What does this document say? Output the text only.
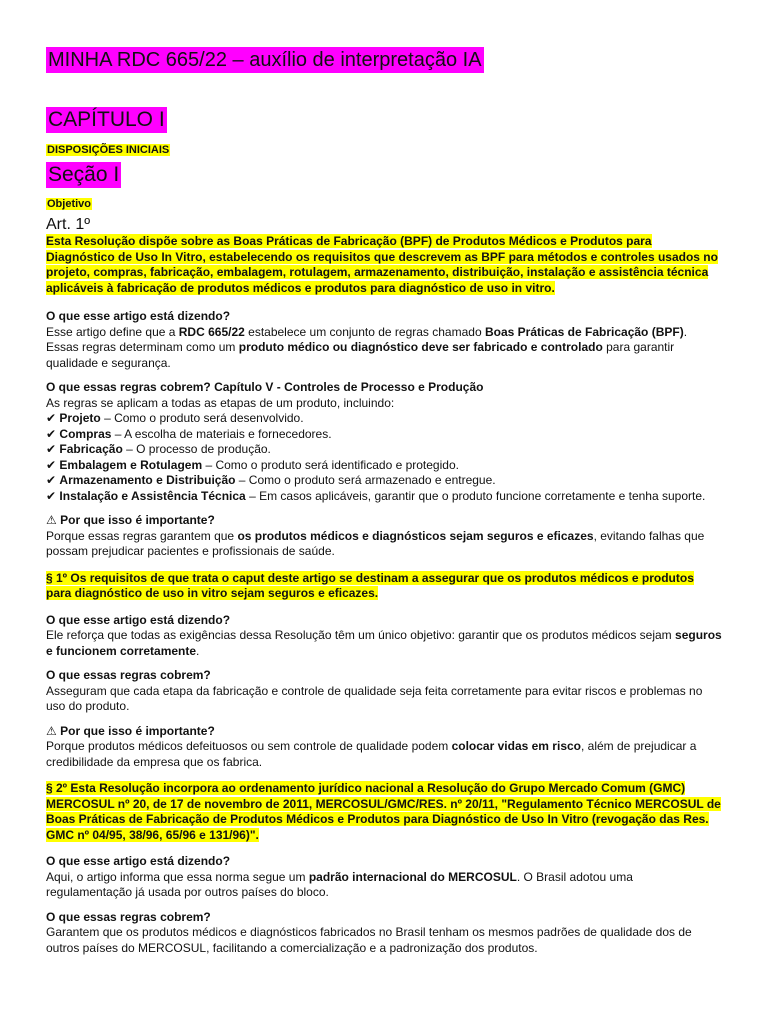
MINHA RDC 665/22 – auxílio de interpretação IA
CAPÍTULO I
DISPOSIÇÕES INICIAIS
Seção I
Objetivo
Art. 1º

Esta Resolução dispõe sobre as Boas Práticas de Fabricação (BPF) de Produtos Médicos e Produtos para Diagnóstico de Uso In Vitro, estabelecendo os requisitos que descrevem as BPF para métodos e controles usados no projeto, compras, fabricação, embalagem, rotulagem, armazenamento, distribuição, instalação e assistência técnica aplicáveis à fabricação de produtos médicos e produtos para diagnóstico de uso in vitro.

O que esse artigo está dizendo?

Esse artigo define que a RDC 665/22 estabelece um conjunto de regras chamado Boas Práticas de Fabricação (BPF). Essas regras determinam como um produto médico ou diagnóstico deve ser fabricado e controlado para garantir qualidade e segurança.

O que essas regras cobrem? Capítulo V - Controles de Processo e Produção

As regras se aplicam a todas as etapas de um produto, incluindo:

✔ Projeto – Como o produto será desenvolvido.
✔ Compras – A escolha de materiais e fornecedores.
✔ Fabricação – O processo de produção.
✔ Embalagem e Rotulagem – Como o produto será identificado e protegido.
✔ Armazenamento e Distribuição – Como o produto será armazenado e entregue.
✔ Instalação e Assistência Técnica – Em casos aplicáveis, garantir que o produto funcione corretamente e tenha suporte.

⚠ Por que isso é importante?

Porque essas regras garantem que os produtos médicos e diagnósticos sejam seguros e eficazes, evitando falhas que possam prejudicar pacientes e profissionais de saúde.

§ 1º Os requisitos de que trata o caput deste artigo se destinam a assegurar que os produtos médicos e produtos para diagnóstico de uso in vitro sejam seguros e eficazes.

O que esse artigo está dizendo?

Ele reforça que todas as exigências dessa Resolução têm um único objetivo: garantir que os produtos médicos sejam seguros e funcionem corretamente.

O que essas regras cobrem?

Asseguram que cada etapa da fabricação e controle de qualidade seja feita corretamente para evitar riscos e problemas no uso do produto.

⚠ Por que isso é importante?

Porque produtos médicos defeituosos ou sem controle de qualidade podem colocar vidas em risco, além de prejudicar a credibilidade da empresa que os fabrica.

§ 2º Esta Resolução incorpora ao ordenamento jurídico nacional a Resolução do Grupo Mercado Comum (GMC) MERCOSUL nº 20, de 17 de novembro de 2011, MERCOSUL/GMC/RES. nº 20/11, "Regulamento Técnico MERCOSUL de Boas Práticas de Fabricação de Produtos Médicos e Produtos para Diagnóstico de Uso In Vitro (revogação das Res. GMC nº 04/95, 38/96, 65/96 e 131/96)".

O que esse artigo está dizendo?

Aqui, o artigo informa que essa norma segue um padrão internacional do MERCOSUL. O Brasil adotou uma regulamentação já usada por outros países do bloco.

O que essas regras cobrem?

Garantem que os produtos médicos e diagnósticos fabricados no Brasil tenham os mesmos padrões de qualidade dos de outros países do MERCOSUL, facilitando a comercialização e a padronização dos produtos.
